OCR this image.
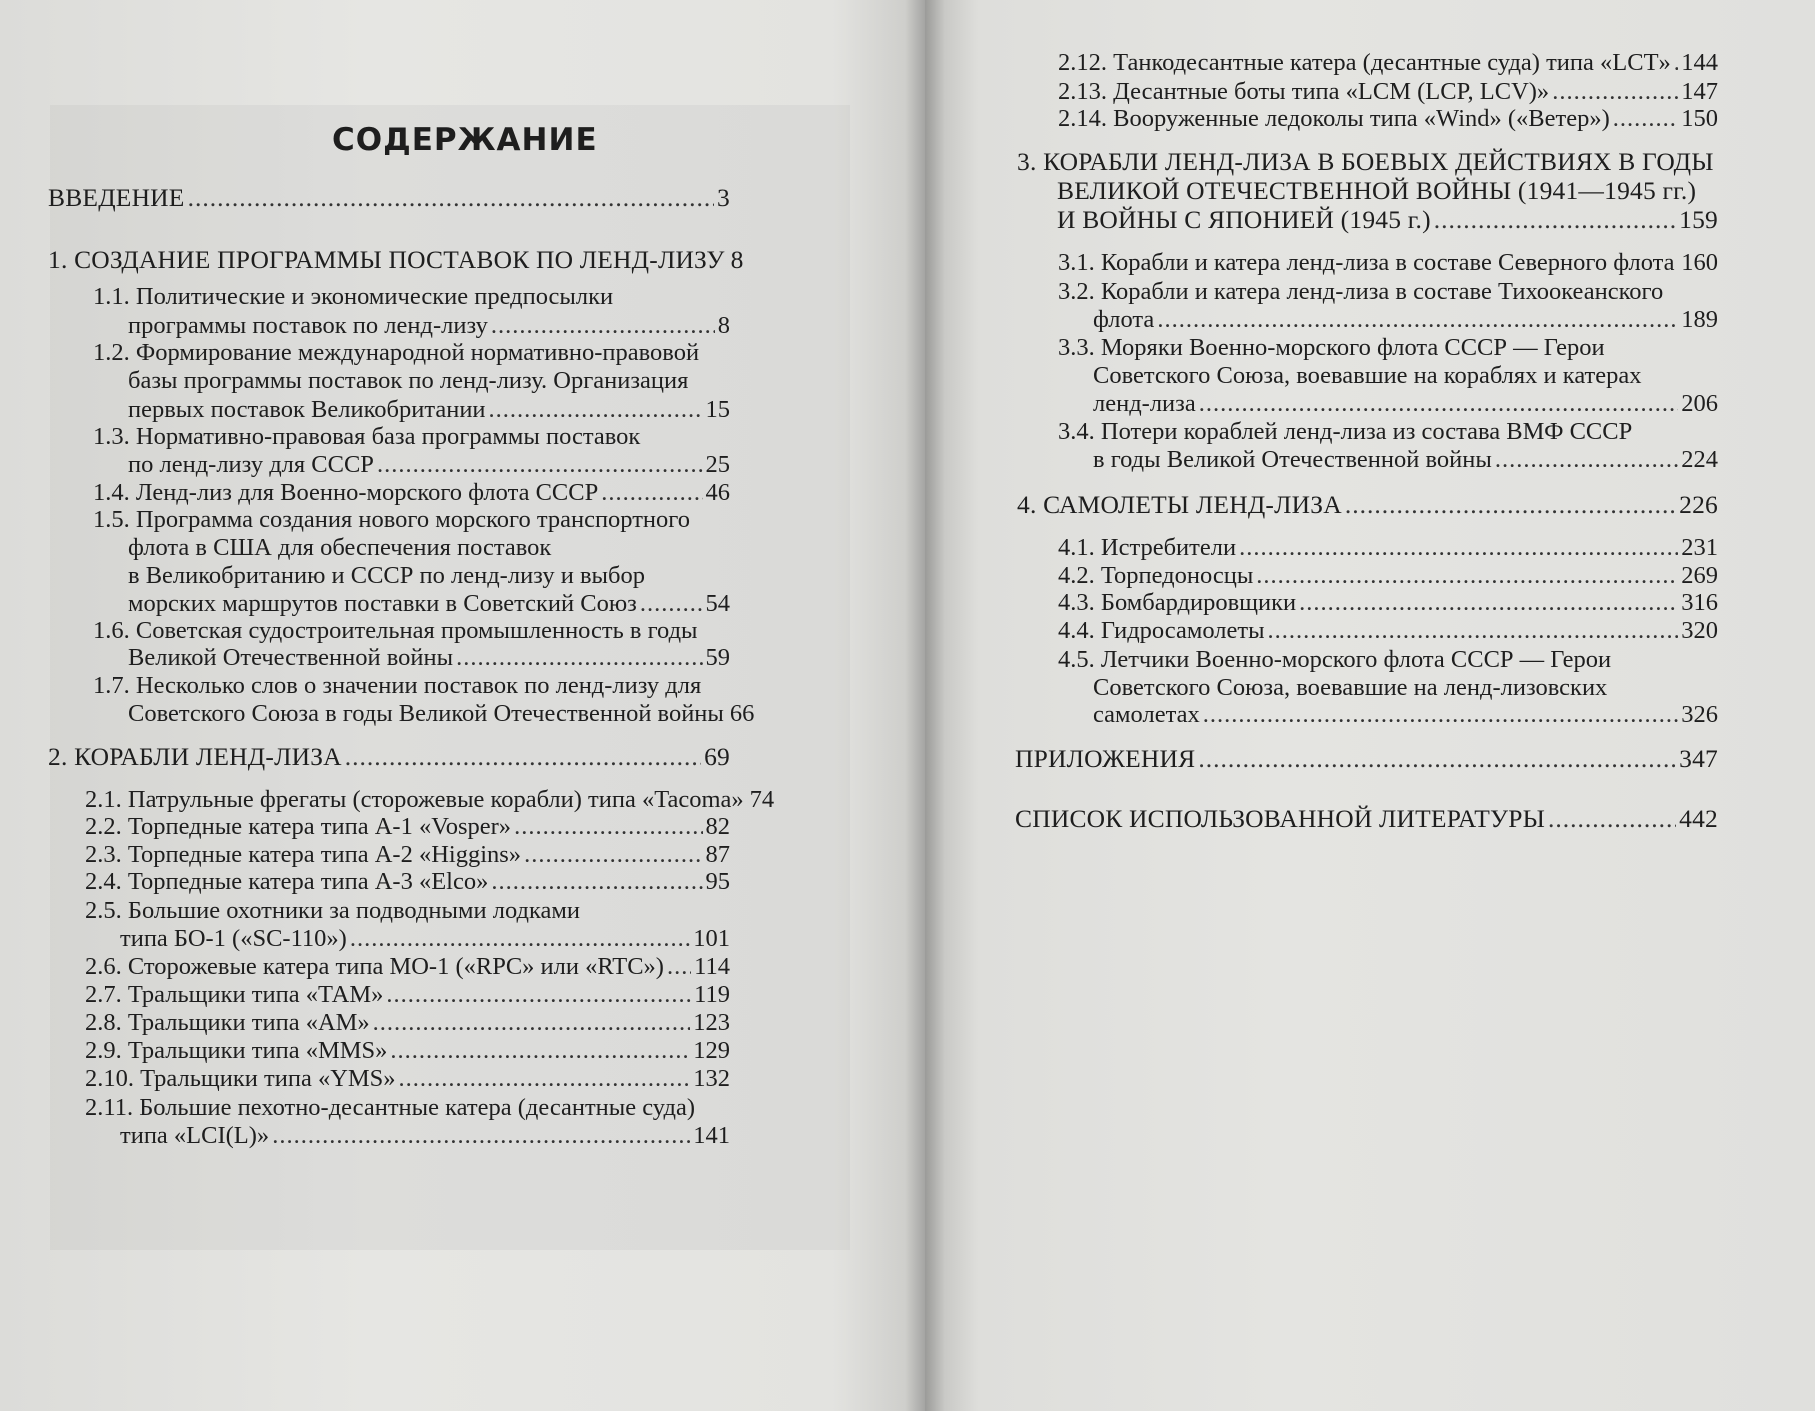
СОДЕРЖАНИЕ
ВВЕДЕНИЕ .....	3
1. СОЗДАНИЕ ПРОГРАММЫ ПОСТАВОК ПО ЛЕНД-ЛИЗУ 8
1.1. Политические и экономические предпосылки
программы поставок по ленд-лизу .....	8
1.2. Формирование международной нормативно-правовой
базы программы поставок по ленд-лизу. Организация
первых поставок Великобритании .....	15
1.3. Нормативно-правовая база программы поставок
по ленд-лизу для СССР .....	25
1.4. Ленд-лиз для Военно-морского флота СССР .....	46
1.5. Программа создания нового морского транспортного
флота в США для обеспечения поставок
в Великобританию и СССР по ленд-лизу и выбор
морских маршрутов поставки в Советский Союз .....	54
1.6. Советская судостроительная промышленность в годы
Великой Отечественной войны .....	59
1.7. Несколько слов о значении поставок по ленд-лизу для
Советского Союза в годы Великой Отечественной войны 66
2. КОРАБЛИ ЛЕНД-ЛИЗА .....	69
2.1. Патрульные фрегаты (сторожевые корабли) типа «Tacoma» 74
2.2. Торпедные катера типа А-1 «Vosper» .....	82
2.3. Торпедные катера типа А-2 «Higgins» .....	87
2.4. Торпедные катера типа А-3 «Elco» .....	95
2.5. Большие охотники за подводными лодками
типа БО-1 («SC-110») .....	101
2.6. Сторожевые катера типа МО-1 («RPC» или «RTC») ..... 114
2.7. Тральщики типа «ТАМ» .....	119
2.8. Тральщики типа «АМ» .....	123
2.9. Тральщики типа «MMS» .....	129
2.10. Тральщики типа «YMS» .....	132
2.11. Большие пехотно-десантные катера (десантные суда)
типа «LCI(L)» .....	141
2.12. Танкодесантные катера (десантные суда) типа «LCT» ..... 144
2.13. Десантные боты типа «LCM (LCP, LCV)» .....	147
2.14. Вооруженные ледоколы типа «Wind» («Ветер») .....	150
3. КОРАБЛИ ЛЕНД-ЛИЗА В БОЕВЫХ ДЕЙСТВИЯХ В ГОДЫ
ВЕЛИКОЙ ОТЕЧЕСТВЕННОЙ ВОЙНЫ (1941—1945 гг.)
И ВОЙНЫ С ЯПОНИЕЙ (1945 г.) .....	159
3.1. Корабли и катера ленд-лиза в составе Северного флота ..... 160
3.2. Корабли и катера ленд-лиза в составе Тихоокеанского
флота .....	189
3.3. Моряки Военно-морского флота СССР — Герои
Советского Союза, воевавшие на кораблях и катерах
ленд-лиза .....	206
3.4. Потери кораблей ленд-лиза из состава ВМФ СССР
в годы Великой Отечественной войны .....	224
4. САМОЛЕТЫ ЛЕНД-ЛИЗА .....	226
4.1. Истребители .....	231
4.2. Торпедоносцы .....	269
4.3. Бомбардировщики .....	316
4.4. Гидросамолеты .....	320
4.5. Летчики Военно-морского флота СССР — Герои
Советского Союза, воевавшие на ленд-лизовских
самолетах .....	326
ПРИЛОЖЕНИЯ .....	347
СПИСОК ИСПОЛЬЗОВАННОЙ ЛИТЕРАТУРЫ .....	442
